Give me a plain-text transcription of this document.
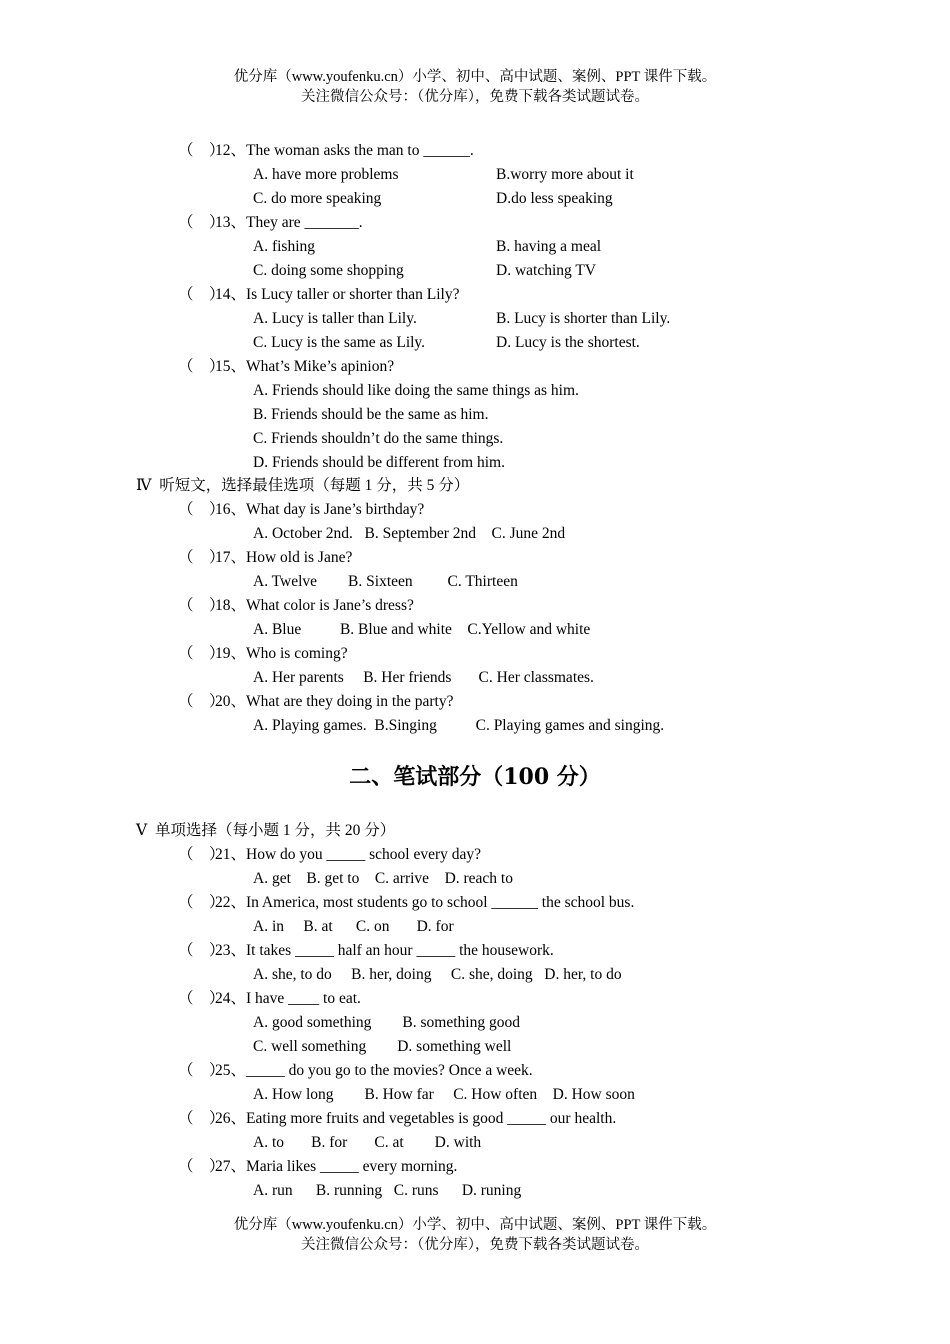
优分库（www.youfenku.cn）小学、初中、高中试题、案例、PPT 课件下载。
关注微信公众号：（优分库），免费下载各类试题试卷。
（    ）12、The woman asks the man to ______.
A. have more problems	B.worry more about it
C. do more speaking	D.do less speaking
（    ）13、They are _______.
A. fishing	B. having a meal
C. doing some shopping	D. watching TV
（    ）14、Is Lucy taller or shorter than Lily?
A. Lucy is taller than Lily.	B. Lucy is shorter than Lily.
C. Lucy is the same as Lily.	D. Lucy is the shortest.
（    ）15、What’s Mike’s apinion?
A. Friends should like doing the same things as him.
B. Friends should be the same as him.
C. Friends shouldn’t do the same things.
D. Friends should be different from him.
Ⅳ  听短文，选择最佳选项（每题 1 分，共 5 分）
（    ）16、What day is Jane’s birthday?
A. October 2nd.   B. September 2nd    C. June 2nd
（    ）17、How old is Jane?
A. Twelve        B. Sixteen         C. Thirteen
（    ）18、What color is Jane’s dress?
A. Blue          B. Blue and white    C.Yellow and white
（    ）19、Who is coming?
A. Her parents     B. Her friends       C. Her classmates.
（    ）20、What are they doing in the party?
A. Playing games.  B.Singing          C. Playing games and singing.
二、笔试部分（100 分）
Ⅴ  单项选择（每小题 1 分，共 20 分）
（    ）21、How do you _____ school every day?
A. get    B. get to    C. arrive    D. reach to
（    ）22、In America, most students go to school ______ the school bus.
A. in     B. at      C. on       D. for
（    ）23、It takes _____ half an hour _____ the housework.
A. she, to do     B. her, doing     C. she, doing   D. her, to do
（    ）24、I have ____ to eat.
A. good something        B. something good
C. well something        D. something well
（    ）25、_____ do you go to the movies? Once a week.
A. How long        B. How far     C. How often    D. How soon
（    ）26、Eating more fruits and vegetables is good _____ our health.
A. to       B. for       C. at        D. with
（    ）27、Maria likes _____ every morning.
A. run      B. running   C. runs      D. runing
优分库（www.youfenku.cn）小学、初中、高中试题、案例、PPT 课件下载。
关注微信公众号：（优分库），免费下载各类试题试卷。
